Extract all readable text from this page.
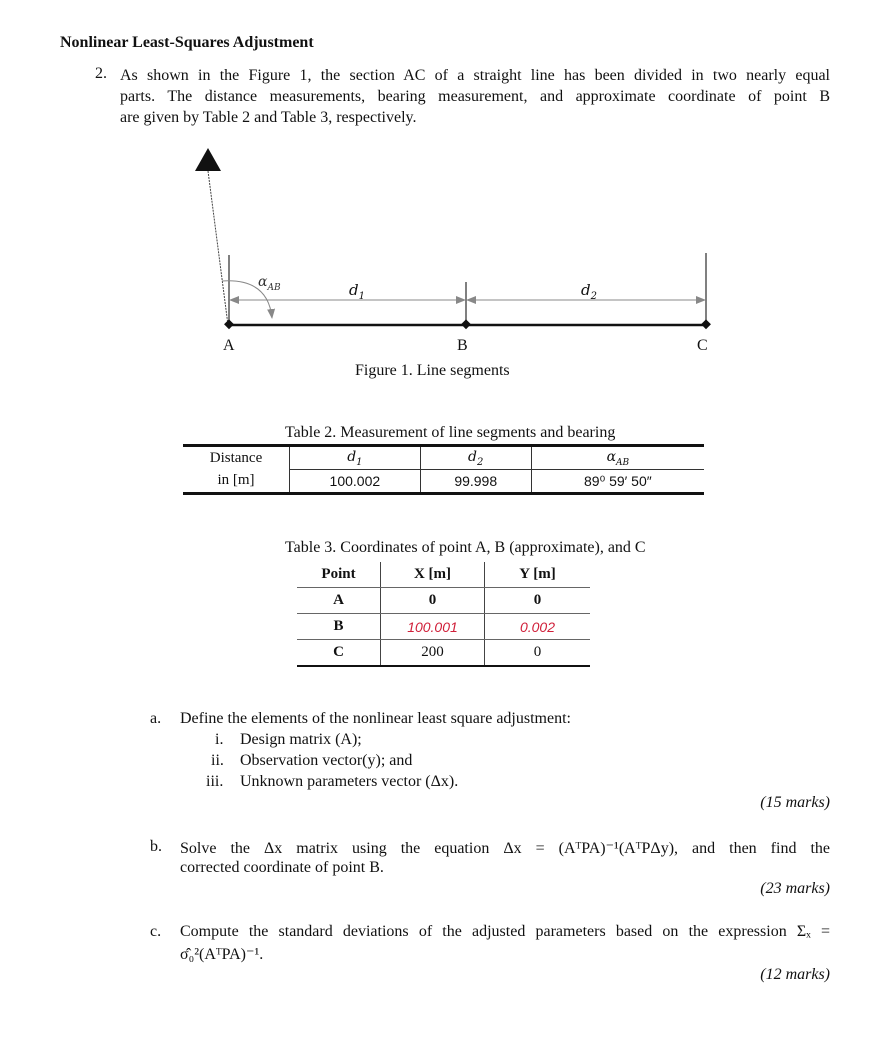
Nonlinear Least-Squares Adjustment
2. As shown in the Figure 1, the section AC of a straight line has been divided in two nearly equal
parts. The distance measurements, bearing measurement, and approximate coordinate of point B
are given by Table 2 and Table 3, respectively.
$\alpha_{AB}$	$d_1$	$d_2$
A	B	C
Figure 1. Line segments
Table 2. Measurement of line segments and bearing
Distance	$d_1$	$d_2$	$\alpha_{AB}$
in [m]	100.002	99.998	89⁰ 59′ 50″
Table 3. Coordinates of point A, B (approximate), and C
Point	X [m]	Y [m]
A	0	0
B	100.001	0.002
C	200	0
a. Define the elements of the nonlinear least square adjustment:
i. Design matrix (A);
ii. Observation vector(y); and
iii. Unknown parameters vector (Δx).
(15 marks)
b. Solve the Δx matrix using the equation Δx = (AᵀPA)⁻¹(AᵀPΔy), and then find the
corrected coordinate of point B.
(23 marks)
c. Compute the standard deviations of the adjusted parameters based on the expression Σₓ =
σ̂₀²(AᵀPA)⁻¹.
(12 marks)
